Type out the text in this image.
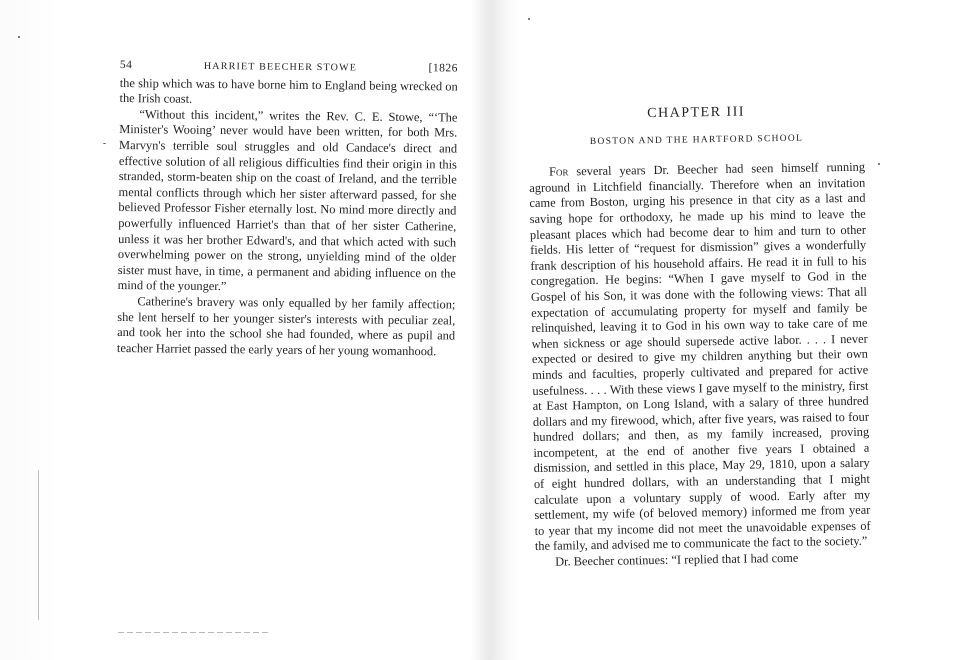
54	HARRIET BEECHER STOWE	[1826

the ship which was to have borne him to England being wrecked on the Irish coast.

“Without this incident,” writes the Rev. C. E. Stowe, “‘The Minister's Wooing’ never would have been written, for both Mrs. Marvyn's terrible soul struggles and old Candace's direct and effective solution of all religious difficulties find their origin in this stranded, storm-beaten ship on the coast of Ireland, and the terrible mental conflicts through which her sister afterward passed, for she believed Professor Fisher eternally lost. No mind more directly and powerfully influenced Harriet's than that of her sister Catherine, unless it was her brother Edward's, and that which acted with such overwhelming power on the strong, unyielding mind of the older sister must have, in time, a permanent and abiding influence on the mind of the younger.”

Catherine's bravery was only equalled by her family affection; she lent herself to her younger sister's interests with peculiar zeal, and took her into the school she had founded, where as pupil and teacher Harriet passed the early years of her young womanhood.

CHAPTER III
BOSTON AND THE HARTFORD SCHOOL

For several years Dr. Beecher had seen himself running aground in Litchfield financially. Therefore when an invitation came from Boston, urging his presence in that city as a last and saving hope for orthodoxy, he made up his mind to leave the pleasant places which had become dear to him and turn to other fields. His letter of “request for dismission” gives a wonderfully frank description of his household affairs. He read it in full to his congregation. He begins: “When I gave myself to God in the Gospel of his Son, it was done with the following views: That all expectation of accumulating property for myself and family be relinquished, leaving it to God in his own way to take care of me when sickness or age should supersede active labor. . . . I never expected or desired to give my children anything but their own minds and faculties, properly cultivated and prepared for active usefulness. . . . With these views I gave myself to the ministry, first at East Hampton, on Long Island, with a salary of three hundred dollars and my firewood, which, after five years, was raised to four hundred dollars; and then, as my family increased, proving incompetent, at the end of another five years I obtained a dismission, and settled in this place, May 29, 1810, upon a salary of eight hundred dollars, with an understanding that I might calculate upon a voluntary supply of wood. Early after my settlement, my wife (of beloved memory) informed me from year to year that my income did not meet the unavoidable expenses of the family, and advised me to communicate the fact to the society.”

Dr. Beecher continues: “I replied that I had come
